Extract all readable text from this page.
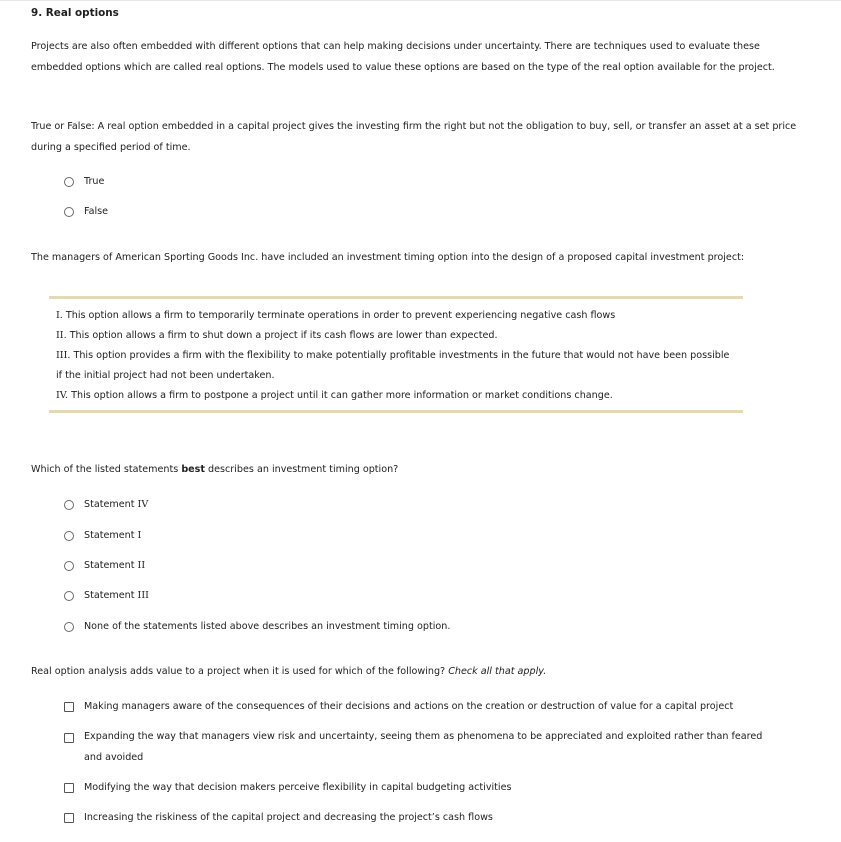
9. Real options
Projects are also often embedded with different options that can help making decisions under uncertainty. There are techniques used to evaluate these embedded options which are called real options. The models used to value these options are based on the type of the real option available for the project.
True or False: A real option embedded in a capital project gives the investing firm the right but not the obligation to buy, sell, or transfer an asset at a set price during a specified period of time.
True
False
The managers of American Sporting Goods Inc. have included an investment timing option into the design of a proposed capital investment project:
I. This option allows a firm to temporarily terminate operations in order to prevent experiencing negative cash flows
II. This option allows a firm to shut down a project if its cash flows are lower than expected.
III. This option provides a firm with the flexibility to make potentially profitable investments in the future that would not have been possible if the initial project had not been undertaken.
IV. This option allows a firm to postpone a project until it can gather more information or market conditions change.
Which of the listed statements best describes an investment timing option?
Statement IV
Statement I
Statement II
Statement III
None of the statements listed above describes an investment timing option.
Real option analysis adds value to a project when it is used for which of the following? Check all that apply.
Making managers aware of the consequences of their decisions and actions on the creation or destruction of value for a capital project
Expanding the way that managers view risk and uncertainty, seeing them as phenomena to be appreciated and exploited rather than feared and avoided
Modifying the way that decision makers perceive flexibility in capital budgeting activities
Increasing the riskiness of the capital project and decreasing the project’s cash flows
